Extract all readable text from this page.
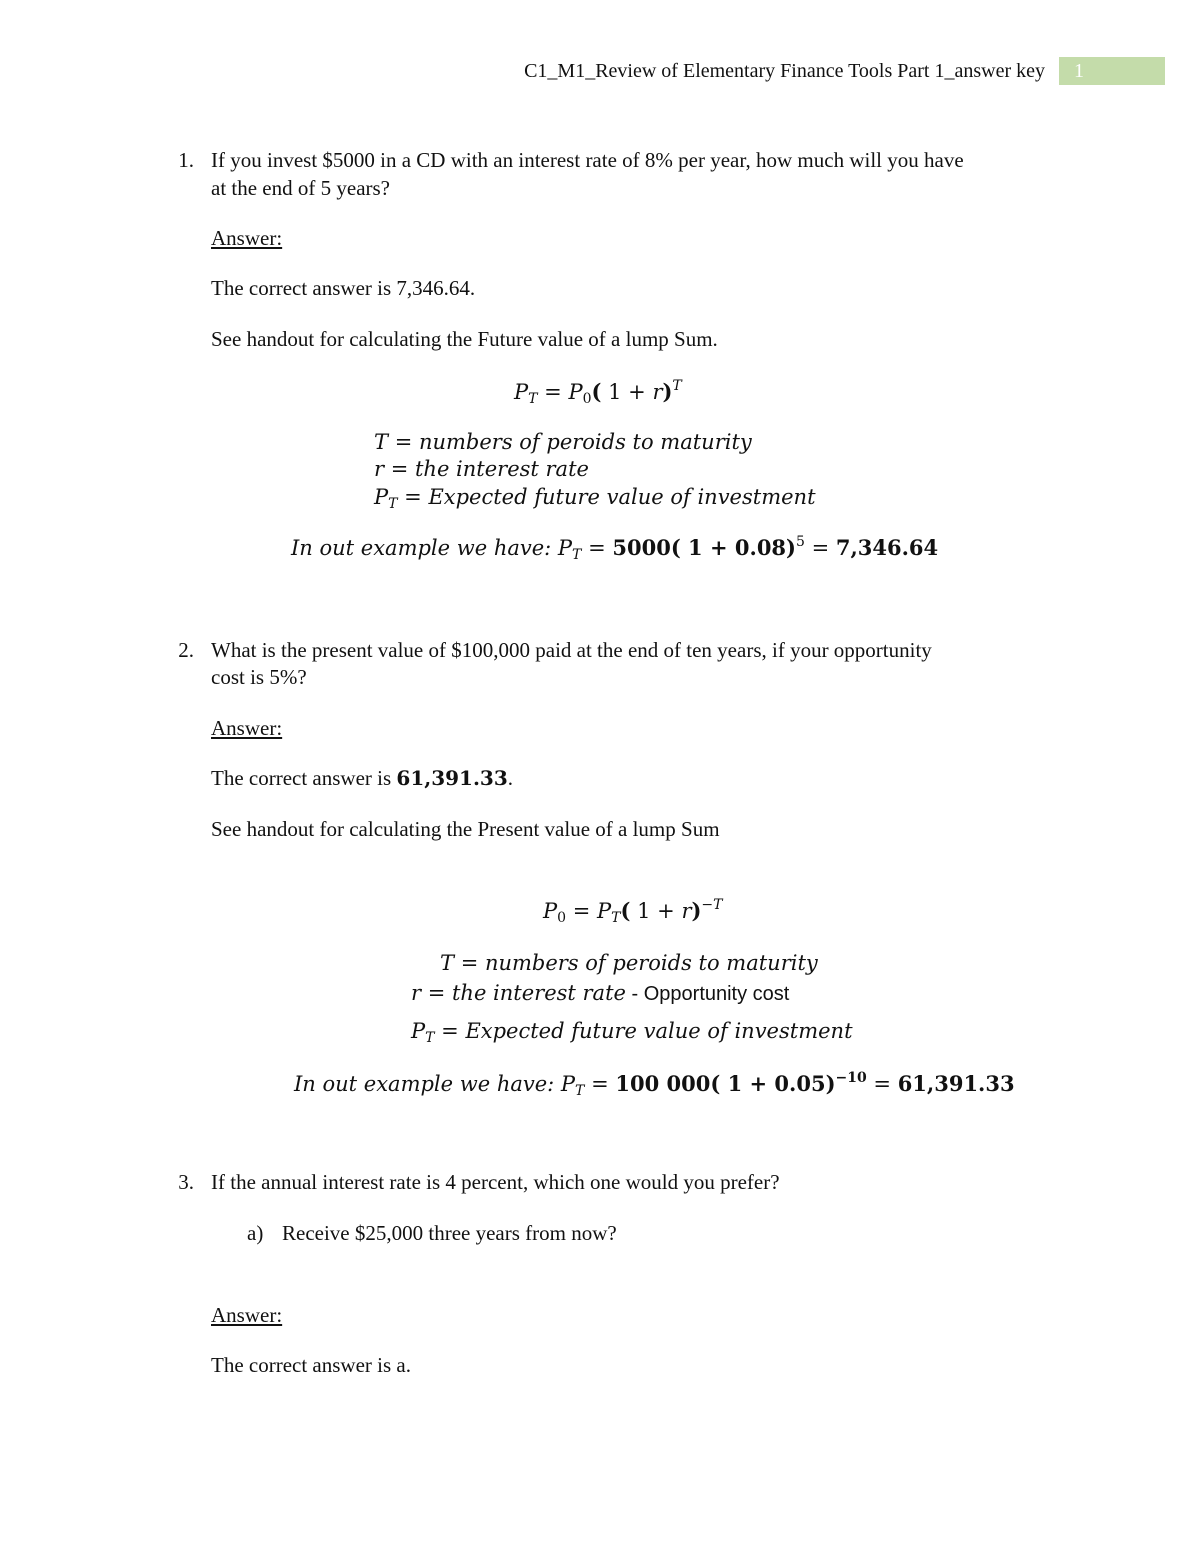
C1_M1_Review of Elementary Finance Tools Part 1_answer key 1
1. If you invest $5000 in a CD with an interest rate of 8% per year, how much will you have
at the end of 5 years?
Answer:
The correct answer is 7,346.64.
See handout for calculating the Future value of a lump Sum.
$P_T = P_0$( 1 + r)$^T$
T = numbers of peroids to maturity
r = the interest rate
$P_T$ = Expected future value of investment
In out example we have: $P_T = 5000$( 1 + 0.08)$^5$ = 7,346.64
2. What is the present value of $100,000 paid at the end of ten years, if your opportunity
cost is 5%?
Answer:
The correct answer is 61,391.33.
See handout for calculating the Present value of a lump Sum
$P_0 = P_T$( 1 + r)$^{-T}$
T = numbers of peroids to maturity
r = the interest rate - Opportunity cost
$P_T$ = Expected future value of investment
In out example we have: $P_T = 100$ 000( 1 + 0.05)$^{-10}$ = 61,391.33
3. If the annual interest rate is 4 percent, which one would you prefer?
a) Receive $25,000 three years from now?
Answer:
The correct answer is a.
